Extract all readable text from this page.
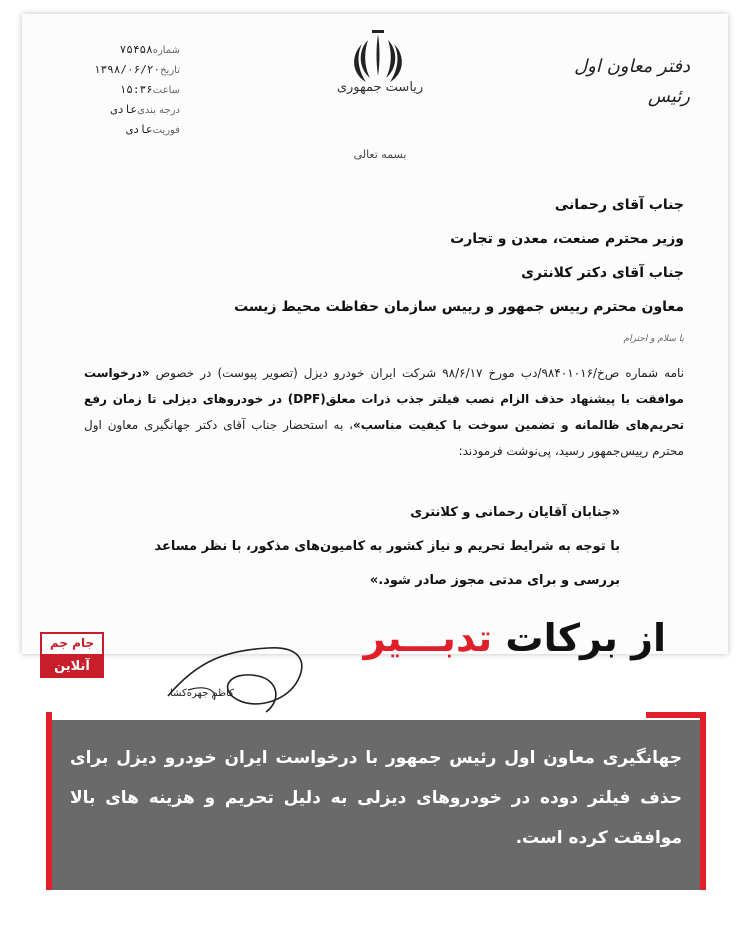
شماره۷۵۴۵۸
تاریخ۱۳۹۸/۰۶/۲۰
ساعت۱۵:۳۶
درجه بندیعادی
فوریتعادی
ریاست جمهوری
بسمه تعالی
دفتر معاون اول
رئیس
جناب آقای رحمانی
وزیر محترم صنعت، معدن و تجارت
جناب آقای دکتر کلانتری
معاون محترم رییس جمهور و رییس سازمان حفاظت محیط زیست
با سلام و احترام
نامه شماره ص‌خ/۹۸۴۰۱۰۱۶/دب مورخ ۹۸/۶/۱۷ شرکت ایران خودرو دیزل (تصویر پیوست) در خصوص «درخواست موافقت با پیشنهاد حذف الزام نصب فیلتر جذب ذرات معلق(DPF) در خودروهای دیزلی تا زمان رفع تحریم‌های ظالمانه و تضمین سوخت با کیفیت مناسب»، به استحضار جناب آقای دکتر جهانگیری معاون اول محترم رییس‌جمهور رسید، پی‌نوشت فرمودند:
«جنابان آقایان رحمانی و کلانتری
با توجه به شرایط تحریم و نیاز کشور به کامیون‌های مذکور، با نظر مساعد
بررسی و برای مدتی مجوز صادر شود.»
کاظم جهره‌کشا
جام جم
آنلاین
از برکات تدبـــیر
جهانگیری معاون اول رئیس جمهور با درخواست ایران خودرو دیزل برای حذف فیلتر دوده در خودروهای دیزلی به دلیل تحریم و هزینه های بالا موافقت کرده است.
